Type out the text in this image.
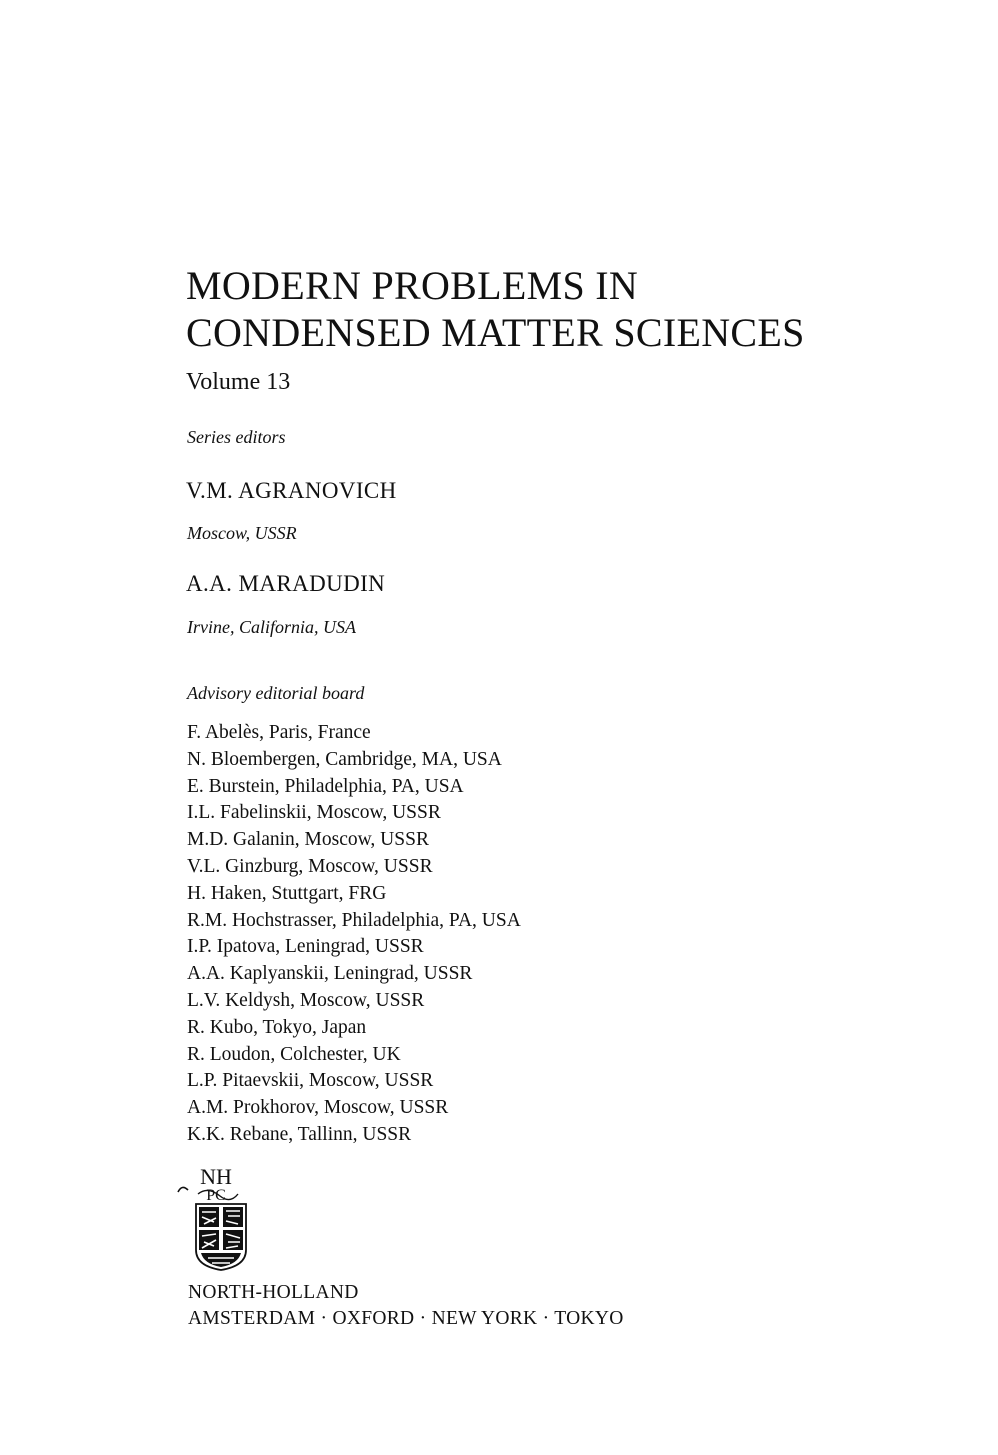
MODERN PROBLEMS IN
CONDENSED MATTER SCIENCES
Volume 13
Series editors
V.M. AGRANOVICH
Moscow, USSR
A.A. MARADUDIN
Irvine, California, USA
Advisory editorial board
F. Abelès, Paris, France
N. Bloembergen, Cambridge, MA, USA
E. Burstein, Philadelphia, PA, USA
I.L. Fabelinskii, Moscow, USSR
M.D. Galanin, Moscow, USSR
V.L. Ginzburg, Moscow, USSR
H. Haken, Stuttgart, FRG
R.M. Hochstrasser, Philadelphia, PA, USA
I.P. Ipatova, Leningrad, USSR
A.A. Kaplyanskii, Leningrad, USSR
L.V. Keldysh, Moscow, USSR
R. Kubo, Tokyo, Japan
R. Loudon, Colchester, UK
L.P. Pitaevskii, Moscow, USSR
A.M. Prokhorov, Moscow, USSR
K.K. Rebane, Tallinn, USSR
NH
PC
NORTH-HOLLAND
AMSTERDAM · OXFORD · NEW YORK · TOKYO
